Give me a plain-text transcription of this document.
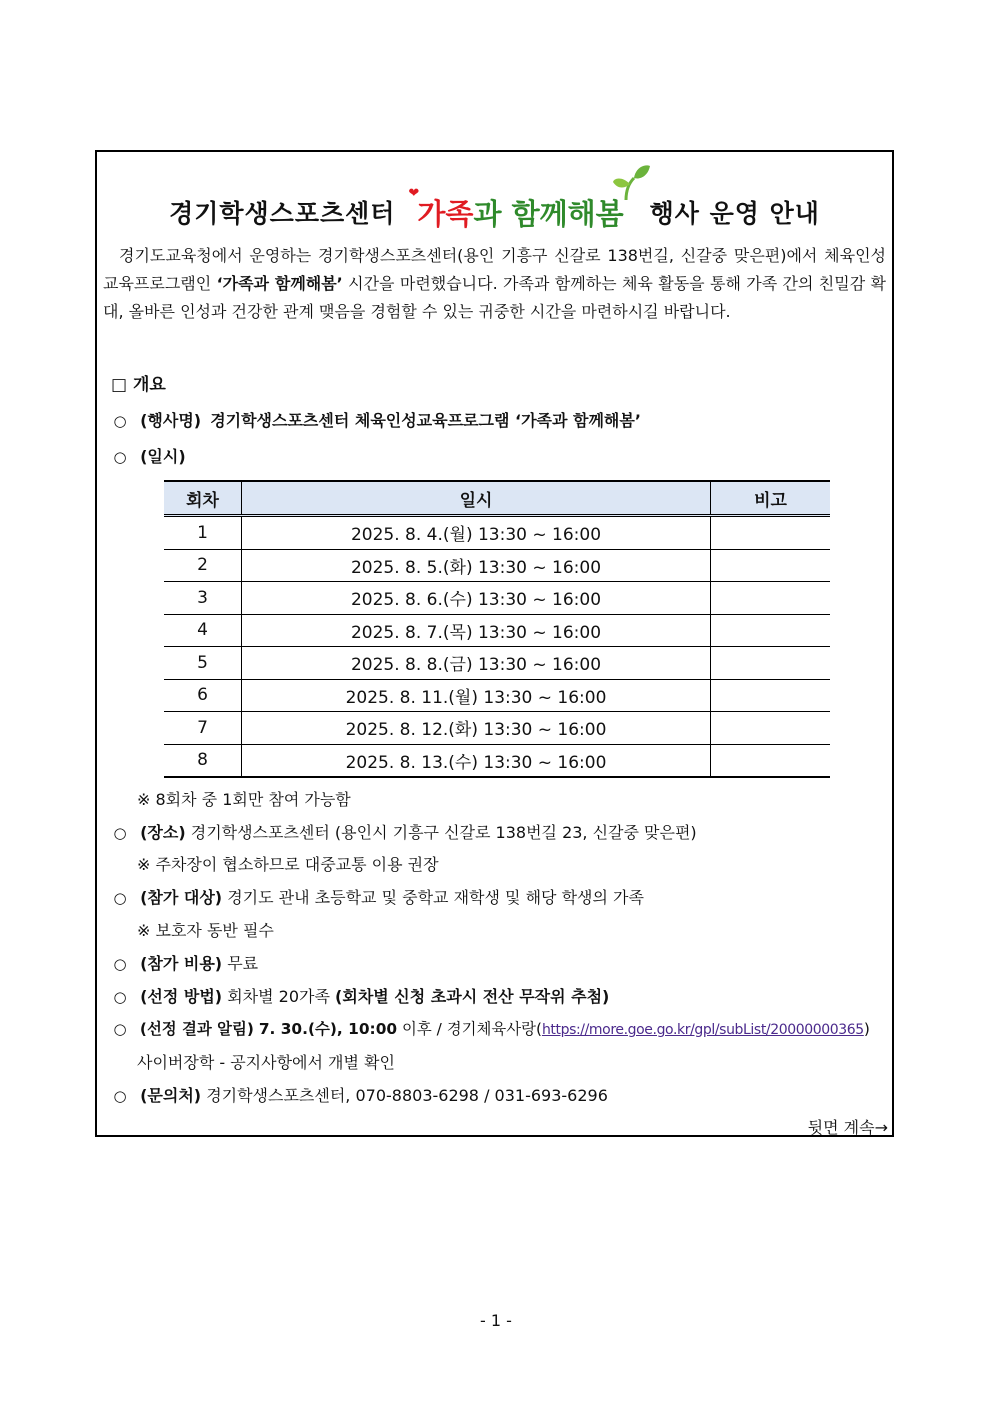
경기학생스포츠센터
❤
가족과 함께해봄 행사 운영 안내

경기도교육청에서 운영하는 경기학생스포츠센터(용인 기흥구 신갈로 138번길, 신갈중 맞은편)에서 체육인성교육프로그램인 ‘가족과 함께해봄’ 시간을 마련했습니다. 가족과 함께하는 체육 활동을 통해 가족 간의 친밀감 확대, 올바른 인성과 건강한 관계 맺음을 경험할 수 있는 귀중한 시간을 마련하시길 바랍니다.

□ 개요
○ (행사명) 경기학생스포츠센터 체육인성교육프로그램 ‘가족과 함께해봄’
○ (일시)
회차	일시	비고
1	2025. 8. 4.(월) 13:30 ~ 16:00	
2	2025. 8. 5.(화) 13:30 ~ 16:00	
3	2025. 8. 6.(수) 13:30 ~ 16:00	
4	2025. 8. 7.(목) 13:30 ~ 16:00	
5	2025. 8. 8.(금) 13:30 ~ 16:00	
6	2025. 8. 11.(월) 13:30 ~ 16:00	
7	2025. 8. 12.(화) 13:30 ~ 16:00	
8	2025. 8. 13.(수) 13:30 ~ 16:00	
※ 8회차 중 1회만 참여 가능함
○ (장소) 경기학생스포츠센터 (용인시 기흥구 신갈로 138번길 23, 신갈중 맞은편)
※ 주차장이 협소하므로 대중교통 이용 권장
○ (참가 대상) 경기도 관내 초등학교 및 중학교 재학생 및 해당 학생의 가족
※ 보호자 동반 필수
○ (참가 비용) 무료
○ (선정 방법) 회차별 20가족 (회차별 신청 초과시 전산 무작위 추첨)
○ (선정 결과 알림) 7. 30.(수), 10:00 이후 / 경기체육사랑(https://more.goe.go.kr/gpl/subList/20000000365)
사이버장학 - 공지사항에서 개별 확인
○ (문의처) 경기학생스포츠센터, 070-8803-6298 / 031-693-6296
뒷면 계속→
- 1 -
